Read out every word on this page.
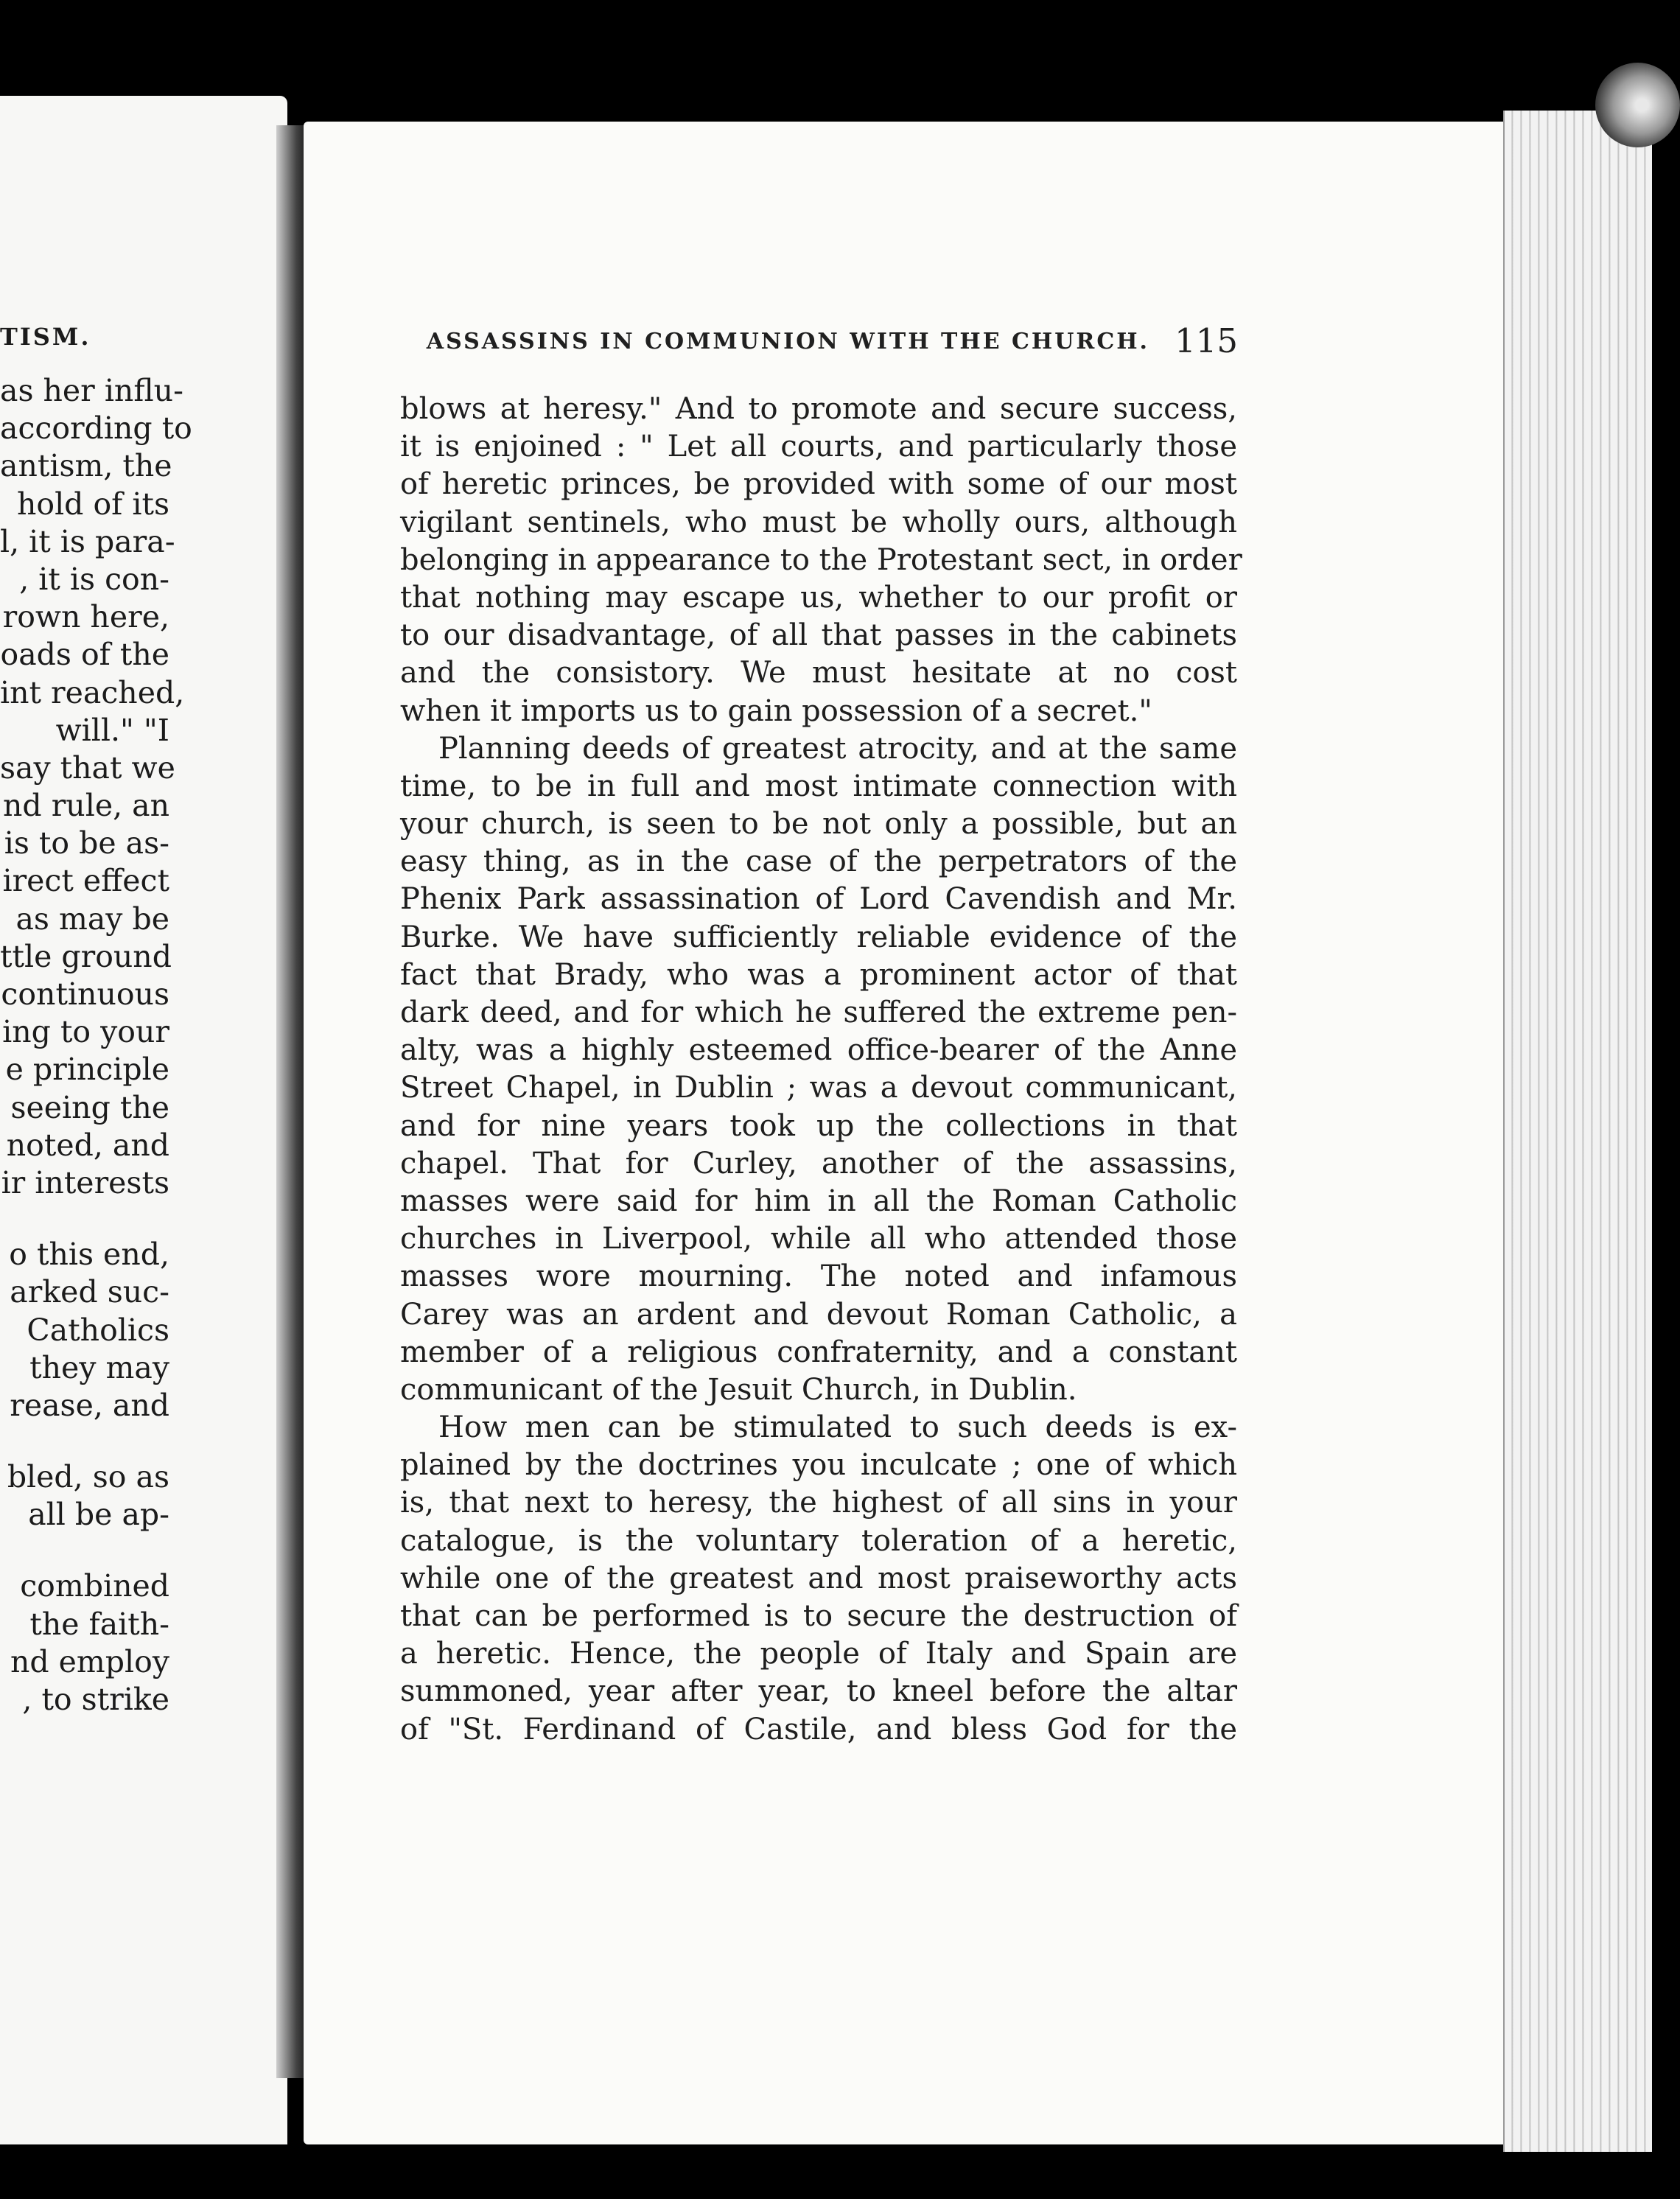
TISM.
as her influ-
according to
antism, the
hold of its
l, it is para-
, it is con-
rown here,
oads of the
int reached,
will." "I
say that we
nd rule, an
is to be as-
irect effect
as may be
ttle ground
continuous
ing to your
e principle
seeing the
noted, and
ir interests
o this end,
arked suc-
Catholics
they may
rease, and
bled, so as
all be ap-
combined
the faith-
nd employ
, to strike
ASSASSINS IN COMMUNION WITH THE CHURCH. 115
blows at heresy." And to promote and secure success,
it is enjoined : " Let all courts, and particularly those
of heretic princes, be provided with some of our most
vigilant sentinels, who must be wholly ours, although
belonging in appearance to the Protestant sect, in order
that nothing may escape us, whether to our profit or
to our disadvantage, of all that passes in the cabinets
and the consistory. We must hesitate at no cost
when it imports us to gain possession of a secret."
Planning deeds of greatest atrocity, and at the same
time, to be in full and most intimate connection with
your church, is seen to be not only a possible, but an
easy thing, as in the case of the perpetrators of the
Phenix Park assassination of Lord Cavendish and Mr.
Burke. We have sufficiently reliable evidence of the
fact that Brady, who was a prominent actor of that
dark deed, and for which he suffered the extreme pen-
alty, was a highly esteemed office-bearer of the Anne
Street Chapel, in Dublin ; was a devout communicant,
and for nine years took up the collections in that
chapel. That for Curley, another of the assassins,
masses were said for him in all the Roman Catholic
churches in Liverpool, while all who attended those
masses wore mourning. The noted and infamous
Carey was an ardent and devout Roman Catholic, a
member of a religious confraternity, and a constant
communicant of the Jesuit Church, in Dublin.
How men can be stimulated to such deeds is ex-
plained by the doctrines you inculcate ; one of which
is, that next to heresy, the highest of all sins in your
catalogue, is the voluntary toleration of a heretic,
while one of the greatest and most praiseworthy acts
that can be performed is to secure the destruction of
a heretic. Hence, the people of Italy and Spain are
summoned, year after year, to kneel before the altar
of "St. Ferdinand of Castile, and bless God for the
